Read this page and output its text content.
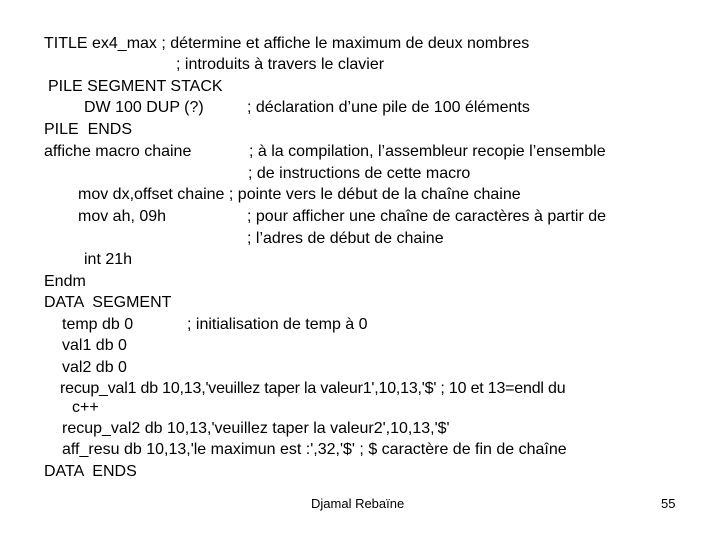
TITLE ex4_max ; détermine et affiche le maximum de deux nombres
; introduits à travers le clavier
PILE SEGMENT STACK
DW 100 DUP (?)	; déclaration d’une pile de 100 éléments
PILE  ENDS
affiche macro chaine	; à la compilation, l’assembleur recopie l’ensemble
; de instructions de cette macro
mov dx,offset chaine ; pointe vers le début de la chaîne chaine
mov ah, 09h	; pour afficher une chaîne de caractères à partir de
; l’adres de début de chaine
int 21h
Endm
DATA  SEGMENT
temp db 0	; initialisation de temp à 0
val1 db 0
val2 db 0
recup_val1 db 10,13,'veuillez taper la valeur1',10,13,'$' ; 10 et 13=endl du
c++
recup_val2 db 10,13,'veuillez taper la valeur2',10,13,'$'
aff_resu db 10,13,'le maximun est :',32,'$' ; $ caractère de fin de chaîne
DATA  ENDS
Djamal Rebaïne	55
